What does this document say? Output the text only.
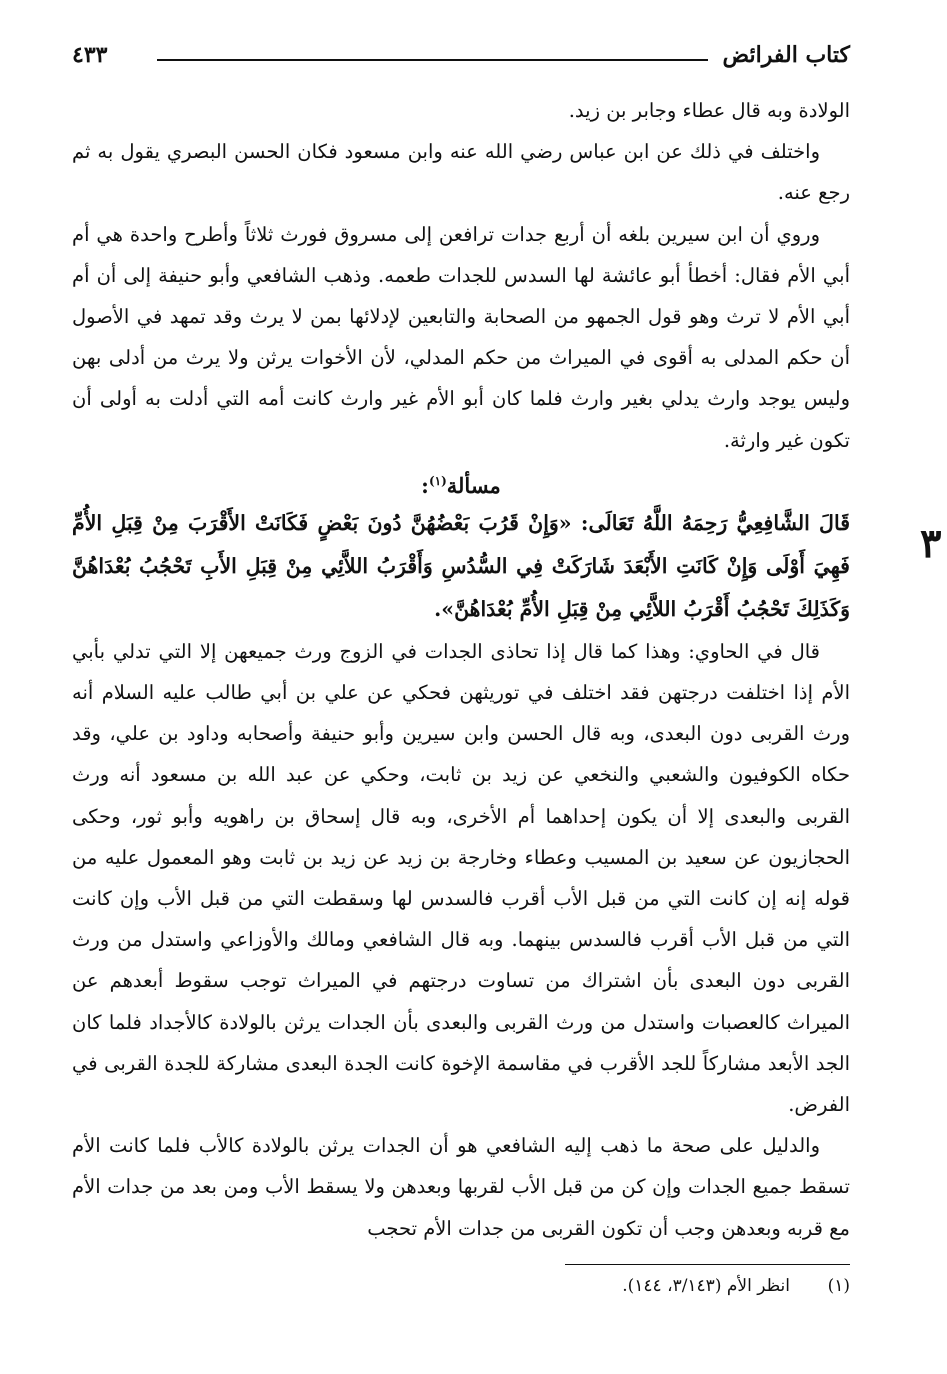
كتاب الفرائض
٤٣٣
٣

الولادة وبه قال عطاء وجابر بن زيد.

واختلف في ذلك عن ابن عباس رضي الله عنه وابن مسعود فكان الحسن البصري يقول به ثم رجع عنه.

وروي أن ابن سيرين بلغه أن أربع جدات ترافعن إلى مسروق فورث ثلاثاً وأطرح واحدة هي أم أبي الأم فقال: أخطأ أبو عائشة لها السدس للجدات طعمه. وذهب الشافعي وأبو حنيفة إلى أن أم أبي الأم لا ترث وهو قول الجمهو من الصحابة والتابعين لإدلائها بمن لا يرث وقد تمهد في الأصول أن حكم المدلى به أقوى في الميراث من حكم المدلي، لأن الأخوات يرثن ولا يرث من أدلى بهن وليس يوجد وارث يدلي بغير وارث فلما كان أبو الأم غير وارث كانت أمه التي أدلت به أولى أن تكون غير وارثة.

مسألة$^{(١)}$:

قَالَ الشَّافِعِيُّ رَحِمَهُ اللَّهُ تَعَالَى: «وَإِنْ قَرُبَ بَعْضُهُنَّ دُونَ بَعْضٍ فَكَانَتْ الأَقْرَبَ مِنْ قِبَلِ الأُمِّ فَهِيَ أَوْلَى وَإِنْ كَانَتِ الأَبْعَدَ شَارَكَتْ فِي السُّدُسِ وَأَقْرَبُ اللاَّئِي مِنْ قِبَلِ الأَبِ تَحْجُبُ بُعْدَاهُنَّ وَكَذَلِكَ تَحْجُبُ أَقْرَبُ اللاَّئِي مِنْ قِبَلِ الأُمِّ بُعْدَاهُنَّ».

قال في الحاوي: وهذا كما قال إذا تحاذى الجدات في الزوج ورث جميعهن إلا التي تدلي بأبي الأم إذا اختلفت درجتهن فقد اختلف في توريثهن فحكي عن علي بن أبي طالب عليه السلام أنه ورث القربى دون البعدى، وبه قال الحسن وابن سيرين وأبو حنيفة وأصحابه وداود بن علي، وقد حكاه الكوفيون والشعبي والنخعي عن زيد بن ثابت، وحكي عن عبد الله بن مسعود أنه ورث القربى والبعدى إلا أن يكون إحداهما أم الأخرى، وبه قال إسحاق بن راهويه وأبو ثور، وحكى الحجازيون عن سعيد بن المسيب وعطاء وخارجة بن زيد عن زيد بن ثابت وهو المعمول عليه من قوله إنه إن كانت التي من قبل الأب أقرب فالسدس لها وسقطت التي من قبل الأب وإن كانت التي من قبل الأب أقرب فالسدس بينهما. وبه قال الشافعي ومالك والأوزاعي واستدل من ورث القربى دون البعدى بأن اشتراك من تساوت درجتهم في الميراث توجب سقوط أبعدهم عن الميراث كالعصبات واستدل من ورث القربى والبعدى بأن الجدات يرثن بالولادة كالأجداد فلما كان الجد الأبعد مشاركاً للجد الأقرب في مقاسمة الإخوة كانت الجدة البعدى مشاركة للجدة القربى في الفرض.

والدليل على صحة ما ذهب إليه الشافعي هو أن الجدات يرثن بالولادة كالأب فلما كانت الأم تسقط جميع الجدات وإن كن من قبل الأب لقربها وبعدهن ولا يسقط الأب ومن بعد من جدات الأم مع قربه وبعدهن وجب أن تكون القربى من جدات الأم تحجب

(١)انظر الأم (٣/١٤٣، ١٤٤).
